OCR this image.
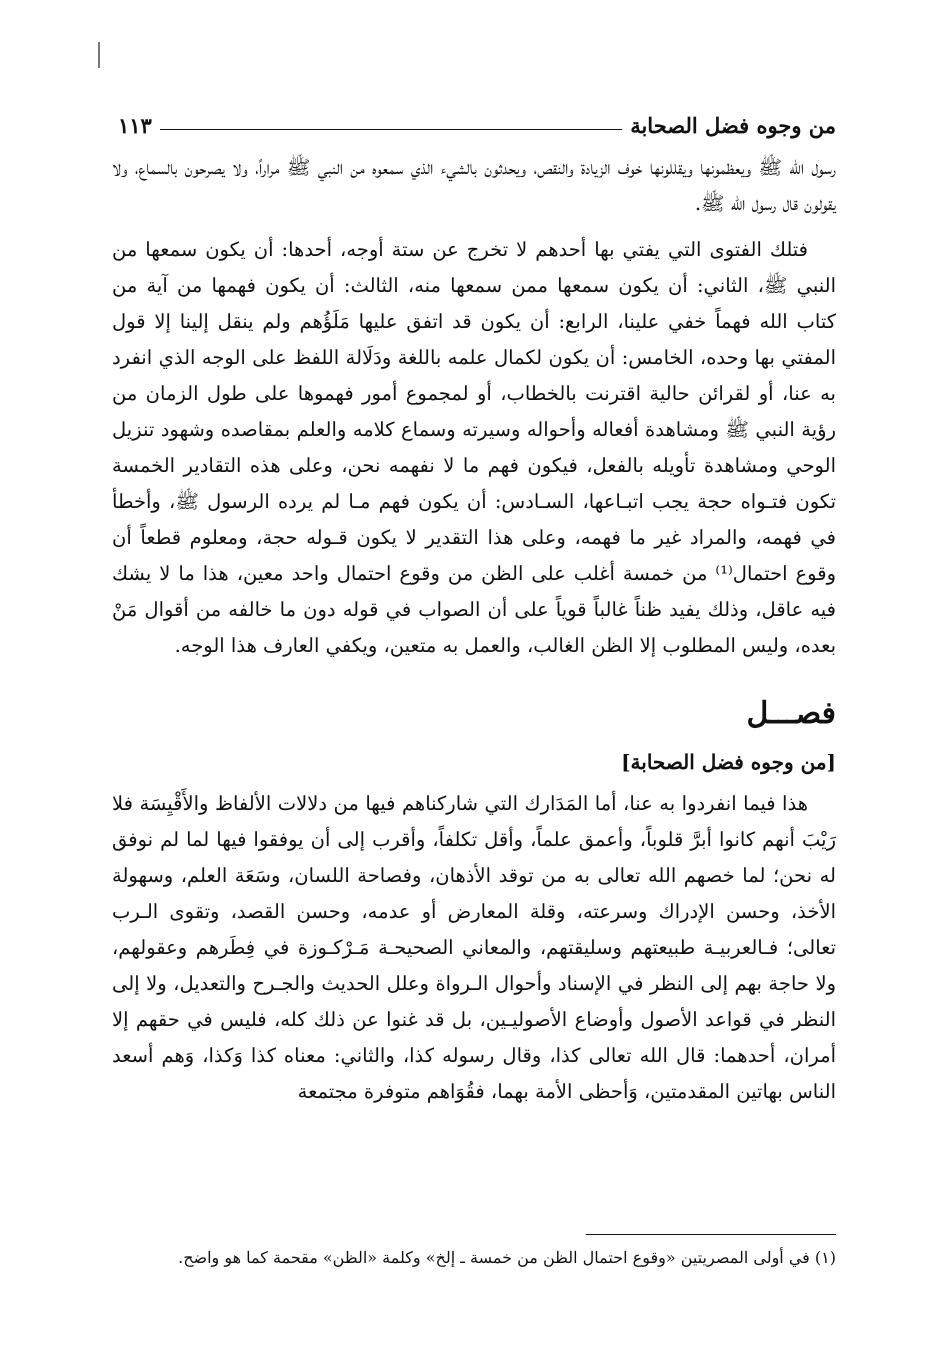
من وجوه فضل الصحابة
١١٣

رسول الله ﷺ ويعظمونها ويقللونها خوف الزيادة والنقص، ويحدثون بالشيء الذي سمعوه من النبي ﷺ مراراً، ولا يصرحون بالسماع، ولا يقولون قال رسول الله ﷺ.

فتلك الفتوى التي يفتي بها أحدهم لا تخرج عن ستة أوجه، أحدها: أن يكون سمعها من النبي ﷺ، الثاني: أن يكون سمعها ممن سمعها منه، الثالث: أن يكون فهمها من آية من كتاب الله فهماً خفي علينا، الرابع: أن يكون قد اتفق عليها مَلَؤُهم ولم ينقل إلينا إلا قول المفتي بها وحده، الخامس: أن يكون لكمال علمه باللغة ودَلَالة اللفظ على الوجه الذي انفرد به عنا، أو لقرائن حالية اقترنت بالخطاب، أو لمجموع أمور فهموها على طول الزمان من رؤية النبي ﷺ ومشاهدة أفعاله وأحواله وسيرته وسماع كلامه والعلم بمقاصده وشهود تنزيل الوحي ومشاهدة تأويله بالفعل، فيكون فهم ما لا نفهمه نحن، وعلى هذه التقادير الخمسة تكون فتـواه حجة يجب اتبـاعها، السـادس: أن يكون فهم مـا لم يرده الرسول ﷺ، وأخطأ في فهمه، والمراد غير ما فهمه، وعلى هذا التقدير لا يكون قـوله حجة، ومعلوم قطعاً أن وقوع احتمال⁽¹⁾ من خمسة أغلب على الظن من وقوع احتمال واحد معين، هذا ما لا يشك فيه عاقل، وذلك يفيد ظناً غالباً قوياً على أن الصواب في قوله دون ما خالفه من أقوال مَنْ بعده، وليس المطلوب إلا الظن الغالب، والعمل به متعين، ويكفي العارف هذا الوجه.

فصـــل
[من وجوه فضل الصحابة]

هذا فيما انفردوا به عنا، أما المَدَارك التي شاركناهم فيها من دلالات الألفاظ والأَقْيِسَة فلا رَيْبَ أنهم كانوا أبرَّ قلوباً، وأعمق علماً، وأقل تكلفاً، وأقرب إلى أن يوفقوا فيها لما لم نوفق له نحن؛ لما خصهم الله تعالى به من توقد الأذهان، وفصاحة اللسان، وسَعَة العلم، وسهولة الأخذ، وحسن الإدراك وسرعته، وقلة المعارض أو عدمه، وحسن القصد، وتقوى الـرب تعالى؛ فـالعربيـة طبيعتهم وسليقتهم، والمعاني الصحيحـة مَـرْكـوزة في فِطَرهم وعقولهم، ولا حاجة بهم إلى النظر في الإسناد وأحوال الـرواة وعلل الحديث والجـرح والتعديل، ولا إلى النظر في قواعد الأصول وأوضاع الأصوليـين، بل قد غنوا عن ذلك كله، فليس في حقهم إلا أمران، أحدهما: قال الله تعالى كذا، وقال رسوله كذا، والثاني: معناه كذا وَكذا، وَهم أسعد الناس بهاتين المقدمتين، وَأحظى الأمة بهما، فقُوَاهم متوفرة مجتمعة

(١) في أولى المصريتين «وقوع احتمال الظن من خمسة ـ إلخ» وكلمة «الظن» مقحمة كما هو واضح.
